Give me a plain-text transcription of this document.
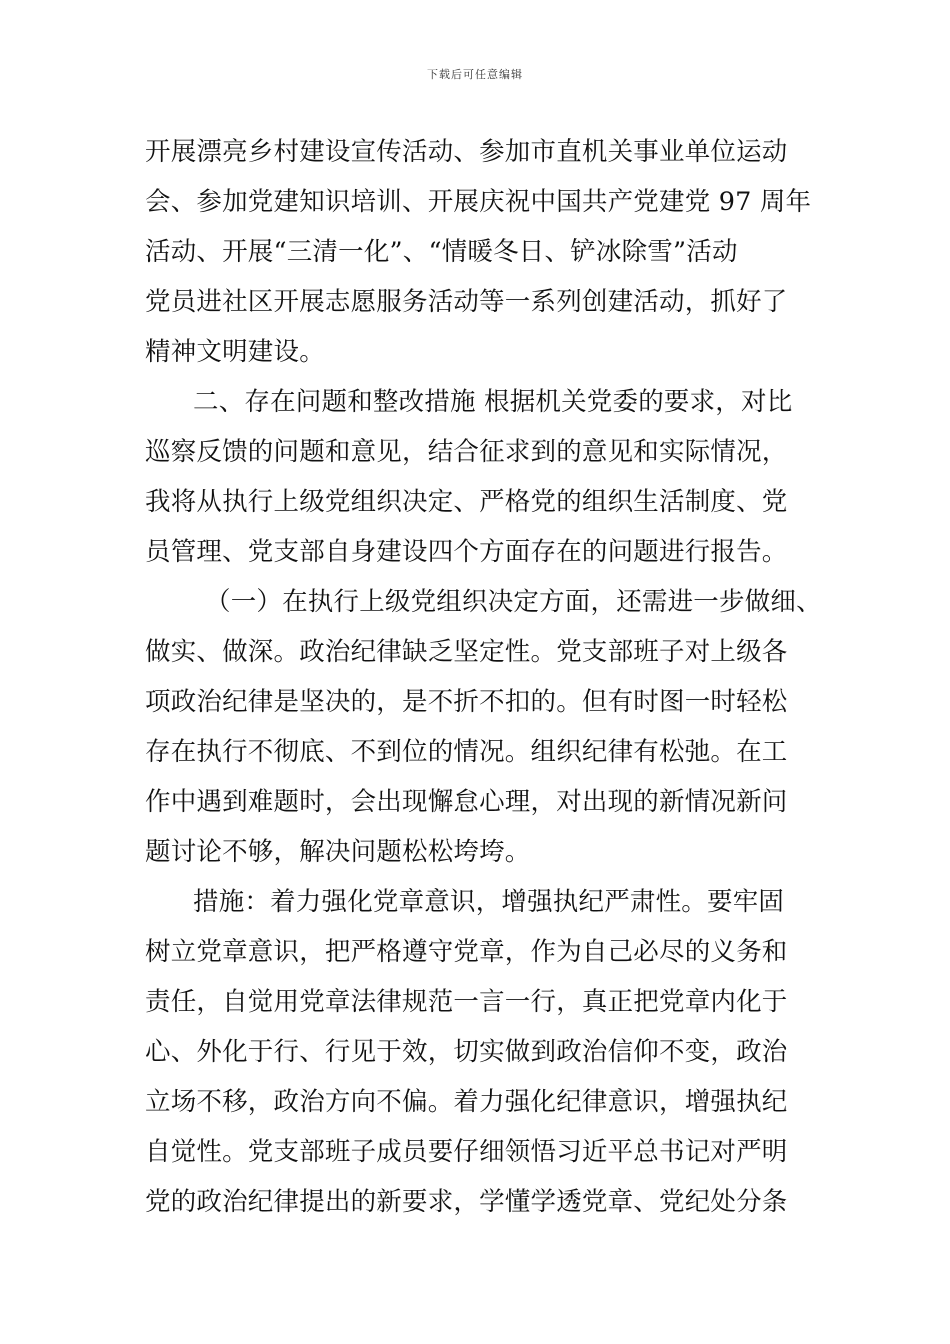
下载后可任意编辑
开展漂亮乡村建设宣传活动、参加市直机关事业单位运动
会、参加党建知识培训、开展庆祝中国共产党建党 97 周年
活动、开展“三清一化”、“情暖冬日、铲冰除雪”活动
党员进社区开展志愿服务活动等一系列创建活动，抓好了
精神文明建设。
二、存在问题和整改措施 根据机关党委的要求，对比
巡察反馈的问题和意见，结合征求到的意见和实际情况，
我将从执行上级党组织决定、严格党的组织生活制度、党
员管理、党支部自身建设四个方面存在的问题进行报告。
（一）在执行上级党组织决定方面，还需进一步做细、
做实、做深。政治纪律缺乏坚定性。党支部班子对上级各
项政治纪律是坚决的，是不折不扣的。但有时图一时轻松
存在执行不彻底、不到位的情况。组织纪律有松弛。在工
作中遇到难题时，会出现懈怠心理，对出现的新情况新问
题讨论不够，解决问题松松垮垮。
措施：着力强化党章意识，增强执纪严肃性。要牢固
树立党章意识，把严格遵守党章，作为自己必尽的义务和
责任，自觉用党章法律规范一言一行，真正把党章内化于
心、外化于行、行见于效，切实做到政治信仰不变，政治
立场不移，政治方向不偏。着力强化纪律意识，增强执纪
自觉性。党支部班子成员要仔细领悟习近平总书记对严明
党的政治纪律提出的新要求，学懂学透党章、党纪处分条
